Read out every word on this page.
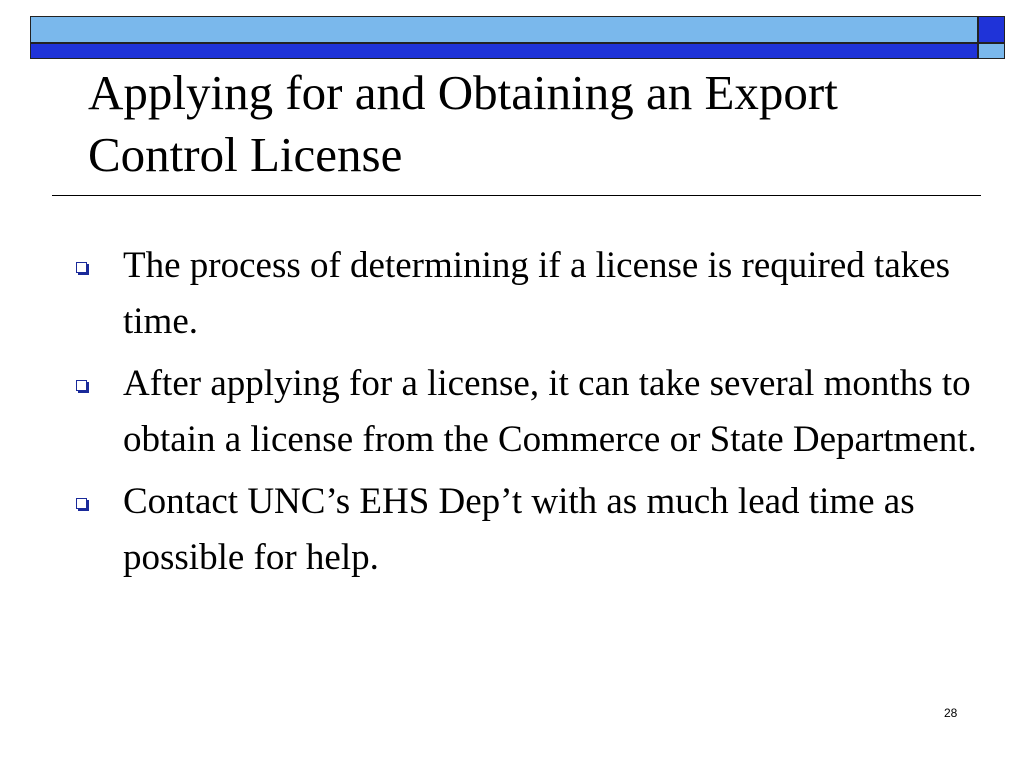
Applying for and Obtaining an Export Control License
The process of determining if a license is required takes time.
After applying for a license, it can take several months to obtain a license from the Commerce or State Department.
Contact UNC’s EHS Dep’t with as much lead time as possible for help.
28
